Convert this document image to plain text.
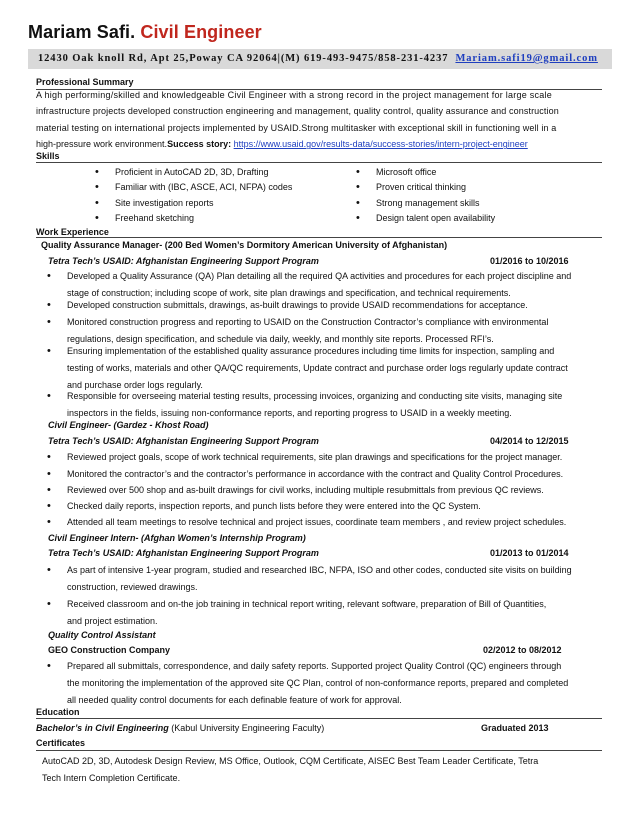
Mariam Safi. Civil Engineer
12430 Oak knoll Rd, Apt 25,Poway CA 92064|(M) 619-493-9475/858-231-4237 Mariam.safi19@gmail.com
Professional Summary
A high performing/skilled and knowledgeable Civil Engineer with a strong record in the project management for large scale
infrastructure projects developed construction engineering and management, quality control, quality assurance and construction
material testing on international projects implemented by USAID.Strong multitasker with exceptional skill in functioning well in a
high-pressure work environment.Success story: https://www.usaid.gov/results-data/success-stories/intern-project-engineer
Skills
• Proficient in AutoCAD 2D, 3D, Drafting
• Familiar with (IBC, ASCE, ACI, NFPA) codes
• Site investigation reports
• Freehand sketching
• Microsoft office
• Proven critical thinking
• Strong management skills
• Design talent open availability
Work Experience
Quality Assurance Manager- (200 Bed Women’s Dormitory American University of Afghanistan)
Tetra Tech’s USAID: Afghanistan Engineering Support Program	01/2016 to 10/2016
• Developed a Quality Assurance (QA) Plan detailing all the required QA activities and procedures for each project discipline and
stage of construction; including scope of work, site plan drawings and specification, and technical requirements.
• Developed construction submittals, drawings, as-built drawings to provide USAID recommendations for acceptance.
• Monitored construction progress and reporting to USAID on the Construction Contractor’s compliance with environmental
regulations, design specification, and schedule via daily, weekly, and monthly site reports. Processed RFI’s.
• Ensuring implementation of the established quality assurance procedures including time limits for inspection, sampling and
testing of works, materials and other QA/QC requirements, Update contract and purchase order logs regularly update contract
and purchase order logs regularly.
• Responsible for overseeing material testing results, processing invoices, organizing and conducting site visits, managing site
inspectors in the fields, issuing non-conformance reports, and reporting progress to USAID in a weekly meeting.
Civil Engineer- (Gardez - Khost Road)
Tetra Tech’s USAID: Afghanistan Engineering Support Program	04/2014 to 12/2015
• Reviewed project goals, scope of work technical requirements, site plan drawings and specifications for the project manager.
• Monitored the contractor’s and the contractor’s performance in accordance with the contract and Quality Control Procedures.
• Reviewed over 500 shop and as-built drawings for civil works, including multiple resubmittals from previous QC reviews.
• Checked daily reports, inspection reports, and punch lists before they were entered into the QC System.
• Attended all team meetings to resolve technical and project issues, coordinate team members , and review project schedules.
Civil Engineer Intern- (Afghan Women’s Internship Program)
Tetra Tech’s USAID: Afghanistan Engineering Support Program	01/2013 to 01/2014
• As part of intensive 1-year program, studied and researched IBC, NFPA, ISO and other codes, conducted site visits on building
construction, reviewed drawings.
• Received classroom and on-the job training in technical report writing, relevant software, preparation of Bill of Quantities,
and project estimation.
Quality Control Assistant
GEO Construction Company	02/2012 to 08/2012
• Prepared all submittals, correspondence, and daily safety reports. Supported project Quality Control (QC) engineers through
the monitoring the implementation of the approved site QC Plan, control of non-conformance reports, prepared and completed
all needed quality control documents for each definable feature of work for approval.
Education
Bachelor’s in Civil Engineering (Kabul University Engineering Faculty)	Graduated 2013
Certificates
AutoCAD 2D, 3D, Autodesk Design Review, MS Office, Outlook, CQM Certificate, AISEC Best Team Leader Certificate, Tetra
Tech Intern Completion Certificate.
